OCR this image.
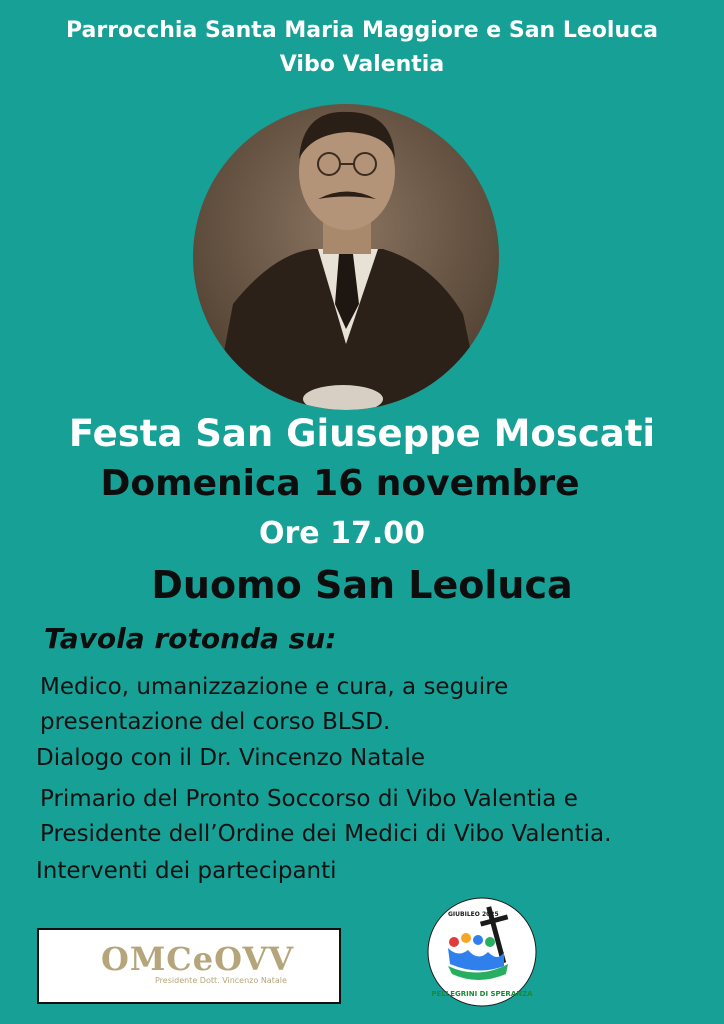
Parrocchia Santa Maria Maggiore e San Leoluca
Vibo Valentia
Festa San Giuseppe Moscati
Domenica 16 novembre
Ore 17.00
Duomo San Leoluca
Tavola rotonda su:
Medico, umanizzazione e cura, a seguire
presentazione del corso BLSD.
Dialogo con il Dr. Vincenzo Natale
Primario del Pronto Soccorso di Vibo Valentia e
Presidente dell’Ordine dei Medici di Vibo Valentia.
Interventi dei partecipanti
OMCeOVV
Presidente Dott. Vincenzo Natale
PELLEGRINI DI SPERANZA
GIUBILEO 2025
